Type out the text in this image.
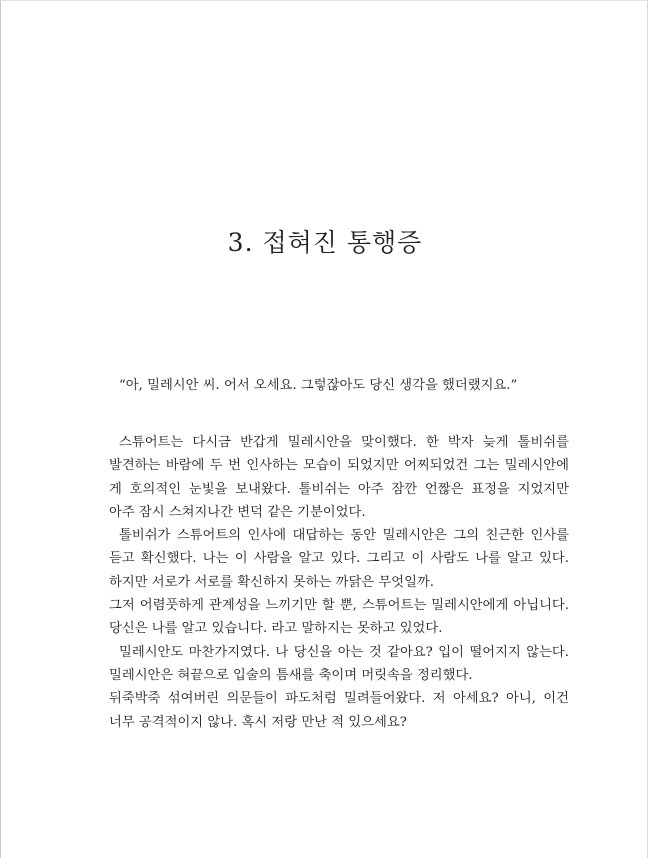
3. 접혀진 통행증

“아, 밀레시안 씨. 어서 오세요. 그렇잖아도 당신 생각을 했더랬지요.”

스튜어트는 다시금 반갑게 밀레시안을 맞이했다. 한 박자 늦게 톨비쉬를
발견하는 바람에 두 번 인사하는 모습이 되었지만 어찌되었건 그는 밀레시안에
게 호의적인 눈빛을 보내왔다. 톨비쉬는 아주 잠깐 언짢은 표정을 지었지만
아주 잠시 스쳐지나간 변덕 같은 기분이었다.
톨비쉬가 스튜어트의 인사에 대답하는 동안 밀레시안은 그의 친근한 인사를
듣고 확신했다. 나는 이 사람을 알고 있다. 그리고 이 사람도 나를 알고 있다.
하지만 서로가 서로를 확신하지 못하는 까닭은 무엇일까.
그저 어렴풋하게 관계성을 느끼기만 할 뿐, 스튜어트는 밀레시안에게 아닙니다.
당신은 나를 알고 있습니다. 라고 말하지는 못하고 있었다.
밀레시안도 마찬가지였다. 나 당신을 아는 것 같아요? 입이 떨어지지 않는다.
밀레시안은 혀끝으로 입술의 틈새를 축이며 머릿속을 정리했다.
뒤죽박죽 섞여버린 의문들이 파도처럼 밀려들어왔다. 저 아세요? 아니, 이건
너무 공격적이지 않나. 혹시 저랑 만난 적 있으세요?
